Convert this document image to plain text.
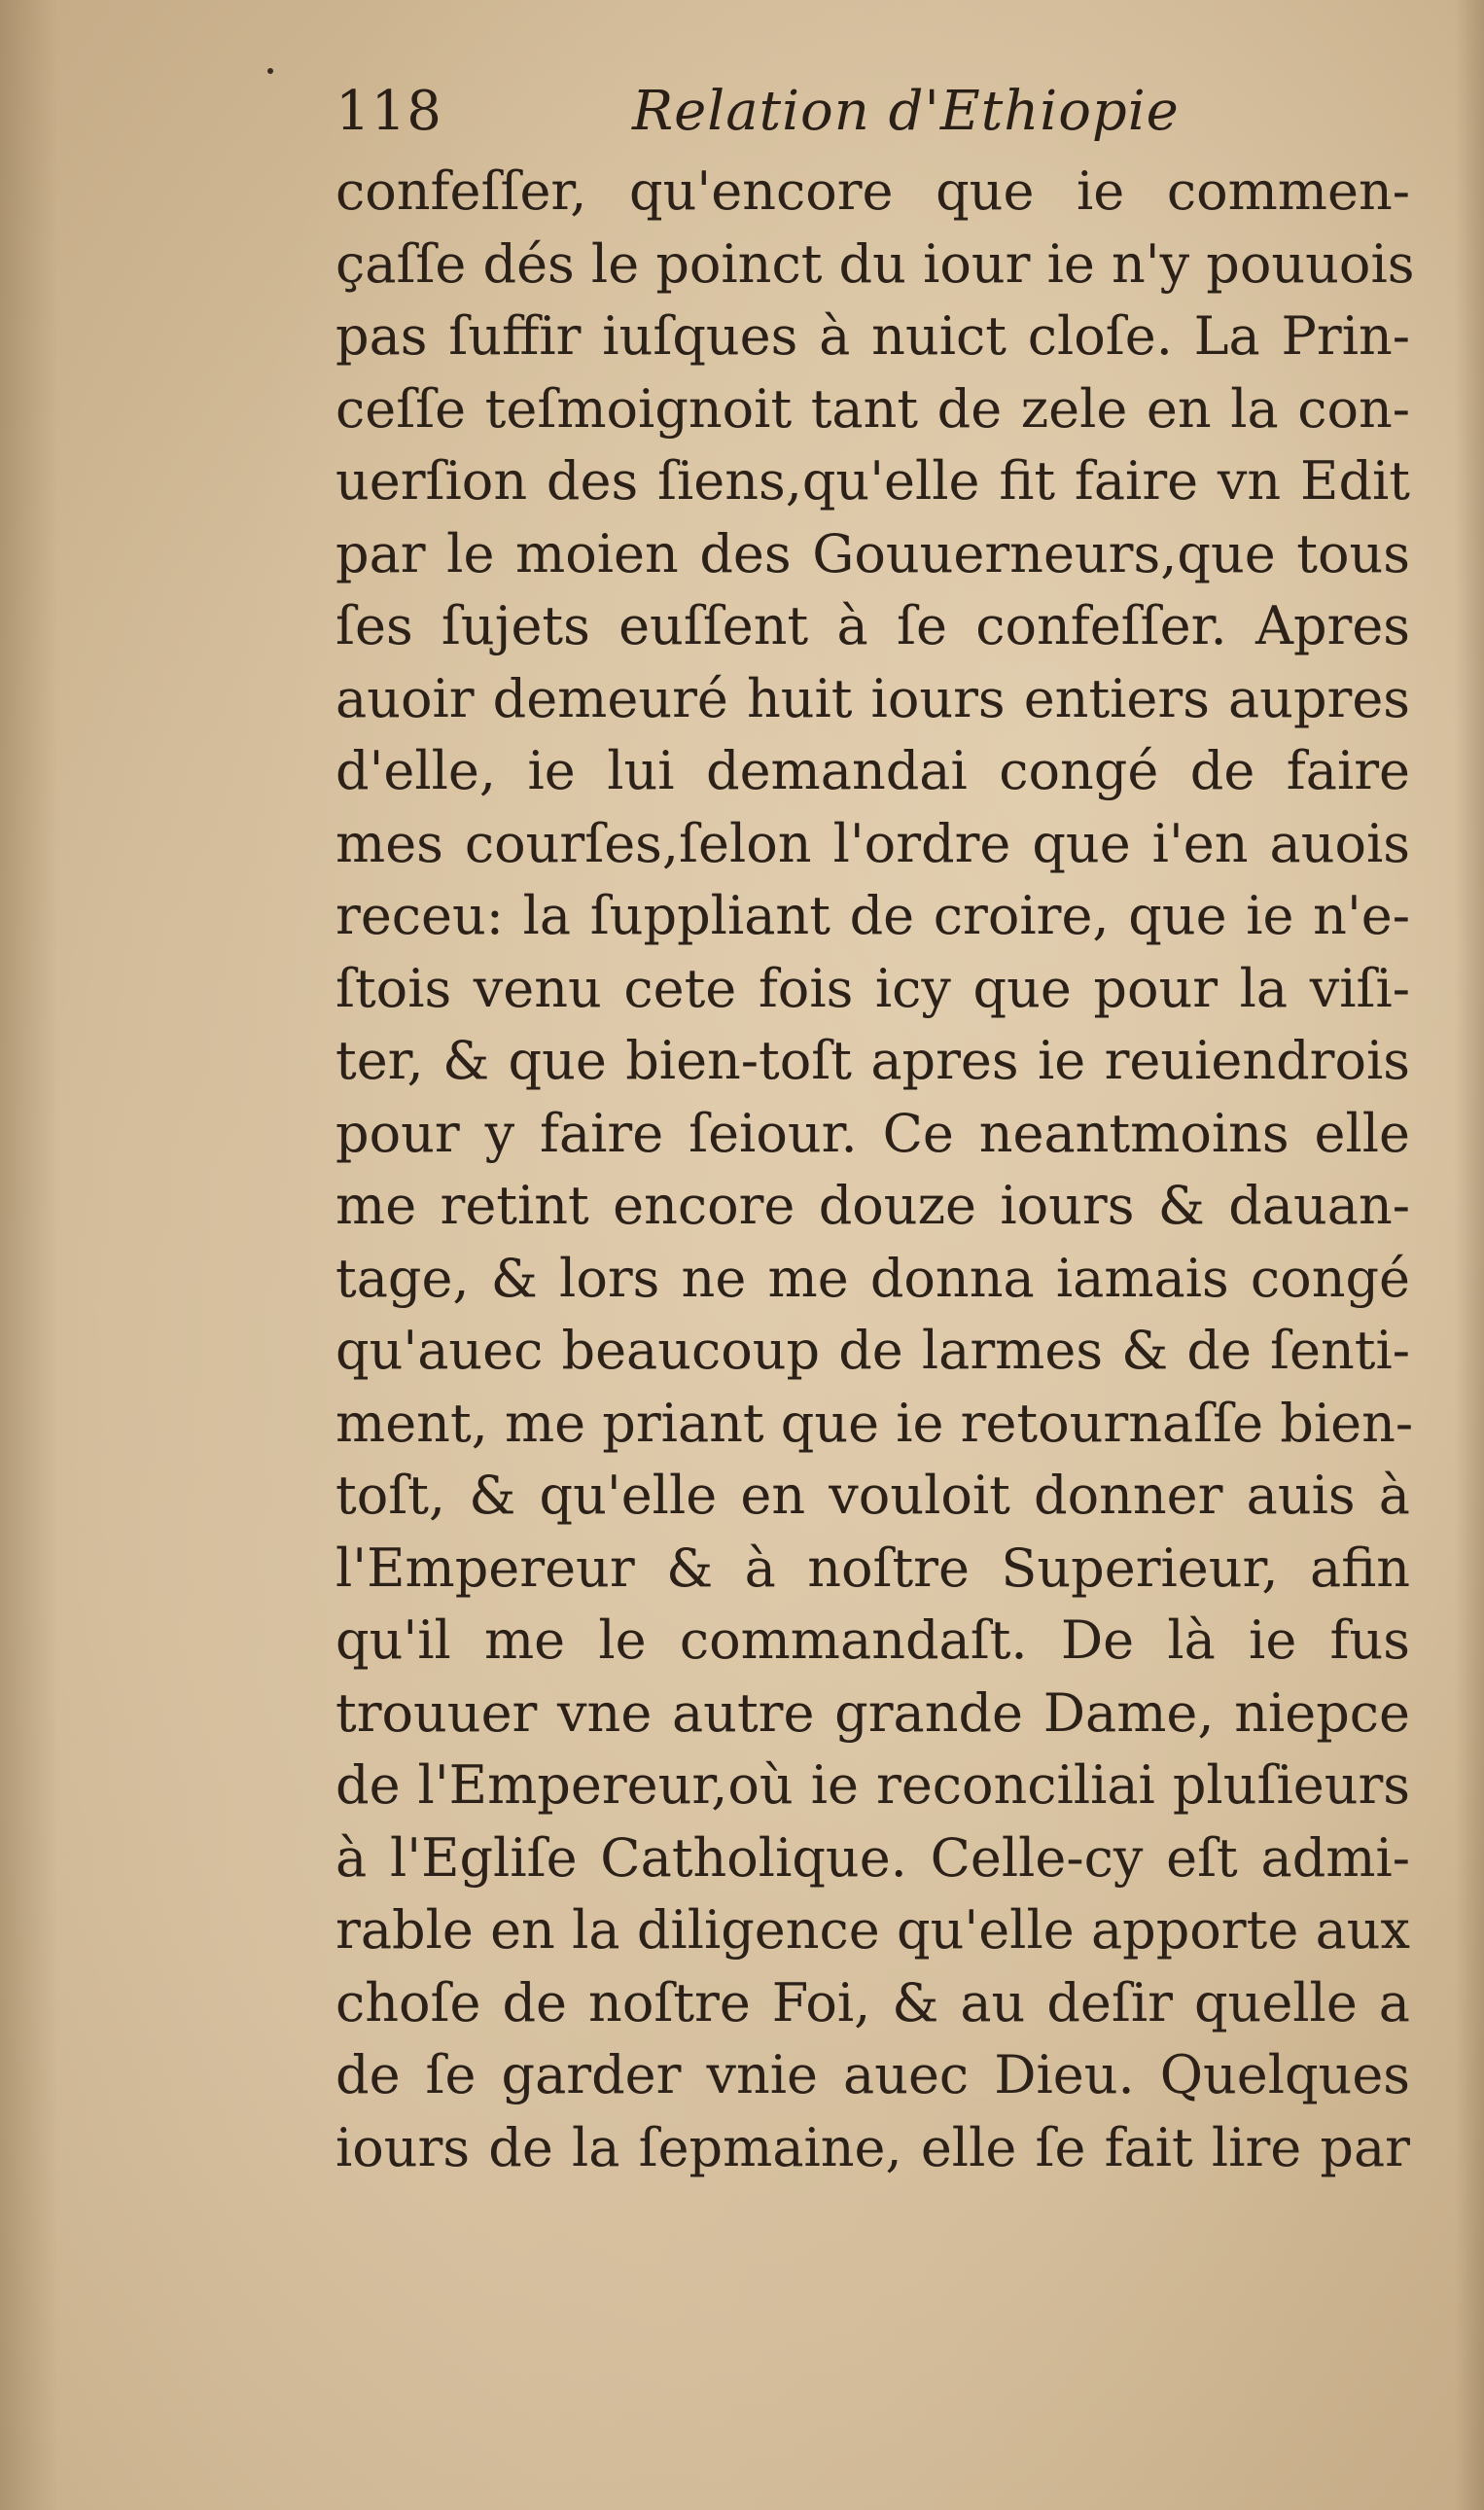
118	Relation d'Ethiopie
confeſſer, qu'encore que ie commen-
çaſſe dés le poinct du iour ie n'y pouuois
pas ſuffir iuſques à nuict cloſe. La Prin-
ceſſe teſmoignoit tant de zele en la con-
uerſion des ſiens,qu'elle fit faire vn Edit
par le moien des Gouuerneurs,que tous
ſes ſujets euſſent à ſe confeſſer. Apres
auoir demeuré huit iours entiers aupres
d'elle, ie lui demandai congé de faire
mes courſes,ſelon l'ordre que i'en auois
receu: la ſuppliant de croire, que ie n'e-
ſtois venu cete fois icy que pour la viſi-
ter, & que bien-toſt apres ie reuiendrois
pour y faire ſeiour. Ce neantmoins elle
me retint encore douze iours & dauan-
tage, & lors ne me donna iamais congé
qu'auec beaucoup de larmes & de ſenti-
ment, me priant que ie retournaſſe bien-
toſt, & qu'elle en vouloit donner auis à
l'Empereur & à noſtre Superieur, afin
qu'il me le commandaſt. De là ie fus
trouuer vne autre grande Dame, niepce
de l'Empereur,où ie reconciliai pluſieurs
à l'Egliſe Catholique. Celle-cy eſt admi-
rable en la diligence qu'elle apporte aux
choſe de noſtre Foi, & au deſir quelle a
de ſe garder vnie auec Dieu. Quelques
iours de la ſepmaine, elle ſe fait lire par
